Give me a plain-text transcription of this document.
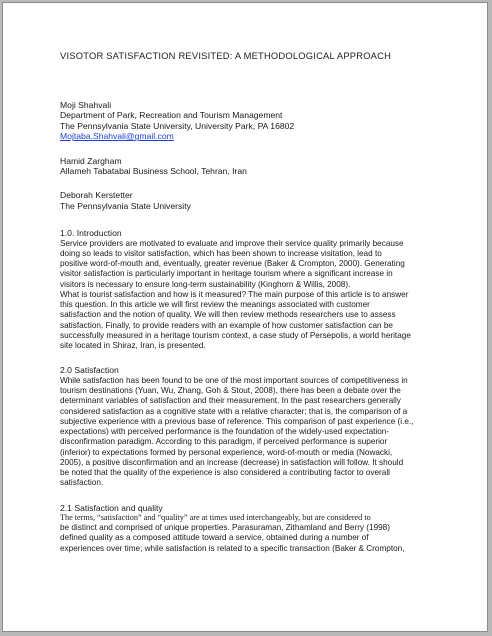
VISOTOR SATISFACTION REVISITED: A METHODOLOGICAL APPROACH
Moji Shahvali
Department of Park, Recreation and Tourism Management
The Pennsylvania State University, University Park, PA 16802
Mojtaba.Shahvali@gmail.com
Hamid Zargham
Allameh Tabatabai Business School, Tehran, Iran
Deborah Kerstetter
The Pennsylvania State University
1.0. Introduction

Service providers are motivated to evaluate and improve their service quality primarily because

doing so leads to visitor satisfaction, which has been shown to increase visitation, lead to

positive word-of-mouth and, eventually, greater revenue (Baker & Crompton, 2000). Generating

visitor satisfaction is particularly important in heritage tourism where a significant increase in

visitors is necessary to ensure long-term sustainability (Kinghorn & Willis, 2008).

What is tourist satisfaction and how is it measured? The main purpose of this article is to answer

this question. In this article we will first review the meanings associated with customer

satisfaction and the notion of quality. We will then review methods researchers use to assess

satisfaction. Finally, to provide readers with an example of how customer satisfaction can be

successfully measured in a heritage tourism context, a case study of Persepolis, a world heritage

site located in Shiraz, Iran, is presented.

2.0 Satisfaction

While satisfaction has been found to be one of the most important sources of competitiveness in

tourism destinations (Yuan, Wu, Zhang, Goh & Stout, 2008), there has been a debate over the

determinant variables of satisfaction and their measurement. In the past researchers generally

considered satisfaction as a cognitive state with a relative character; that is, the comparison of a

subjective experience with a previous base of reference. This comparison of past experience (i.e.,

expectations) with perceived performance is the foundation of the widely-used expectation-

disconfirmation paradigm. According to this paradigm, if perceived performance is superior

(inferior) to expectations formed by personal experience, word-of-mouth or media (Nowacki,

2005), a positive disconfirmation and an increase (decrease) in satisfaction will follow. It should

be noted that the quality of the experience is also considered a contributing factor to overall

satisfaction.

2.1 Satisfaction and quality

The terms, “satisfaction” and “quality” are at times used interchangeably, but are considered to

be distinct and comprised of unique properties. Parasuraman, Zithamland and Berry (1998)

defined quality as a composed attitude toward a service, obtained during a number of

experiences over time; while satisfaction is related to a specific transaction (Baker & Crompton,
